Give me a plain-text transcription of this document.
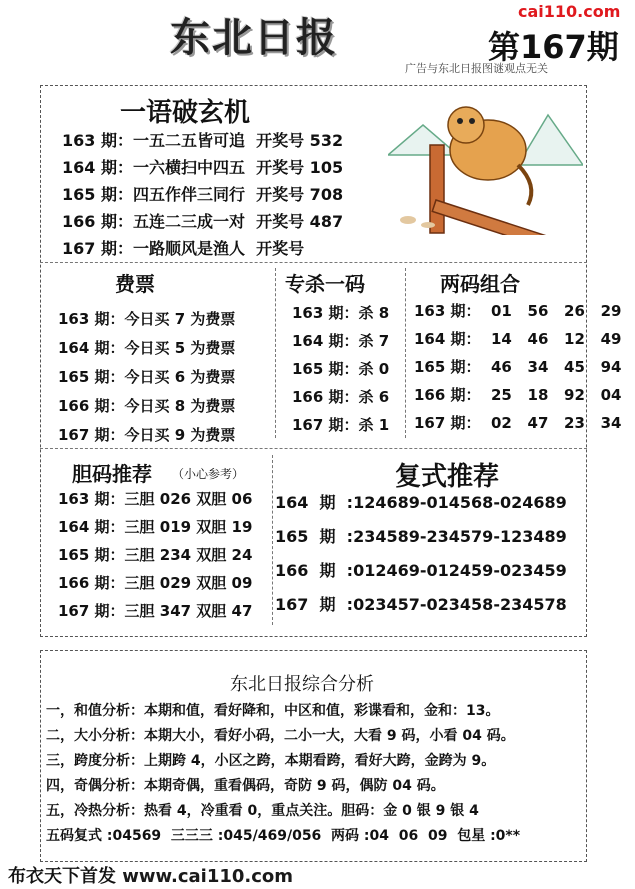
东北日报
cai110.com
第167期
广告与东北日报图谜观点无关
一语破玄机
163 期：一五二五皆可追  开奖号 532
164 期：一六横扫中四五  开奖号 105
165 期：四五作伴三同行  开奖号 708
166 期：五连二三成一对  开奖号 487
167 期：一路顺风是渔人  开奖号
费票
163 期：今日买 7 为费票
164 期：今日买 5 为费票
165 期：今日买 6 为费票
166 期：今日买 8 为费票
167 期：今日买 9 为费票
专杀一码
163 期：杀 8
164 期：杀 7
165 期：杀 0
166 期：杀 6
167 期：杀 1
两码组合
163 期：  01   56   26   29
164 期：  14   46   12   49
165 期：  46   34   45   94
166 期：  25   18   92   04
167 期：  02   47   23   34
胆码推荐 （小心参考）
163 期：三胆 026 双胆 06
164 期：三胆 019 双胆 19
165 期：三胆 234 双胆 24
166 期：三胆 029 双胆 09
167 期：三胆 347 双胆 47
复式推荐
164  期  :124689-014568-024689
165  期  :234589-234579-123489
166  期  :012469-012459-023459
167  期  :023457-023458-234578
东北日报综合分析
一，和值分析：本期和值，看好降和，中区和值，彩谍看和，金和：13。
二，大小分析：本期大小，看好小码，二小一大，大看 9 码，小看 04 码。
三，跨度分析：上期跨 4，小区之跨，本期看跨，看好大跨，金跨为 9。
四，奇偶分析：本期奇偶，重看偶码，奇防 9 码，偶防 04 码。
五，冷热分析：热看 4，冷重看 0，重点关注。胆码：金 0 银 9 银 4
五码复式 :04569  三三三 :045/469/056  两码 :04  06  09  包星 :0**
布衣天下首发 www.cai110.com
